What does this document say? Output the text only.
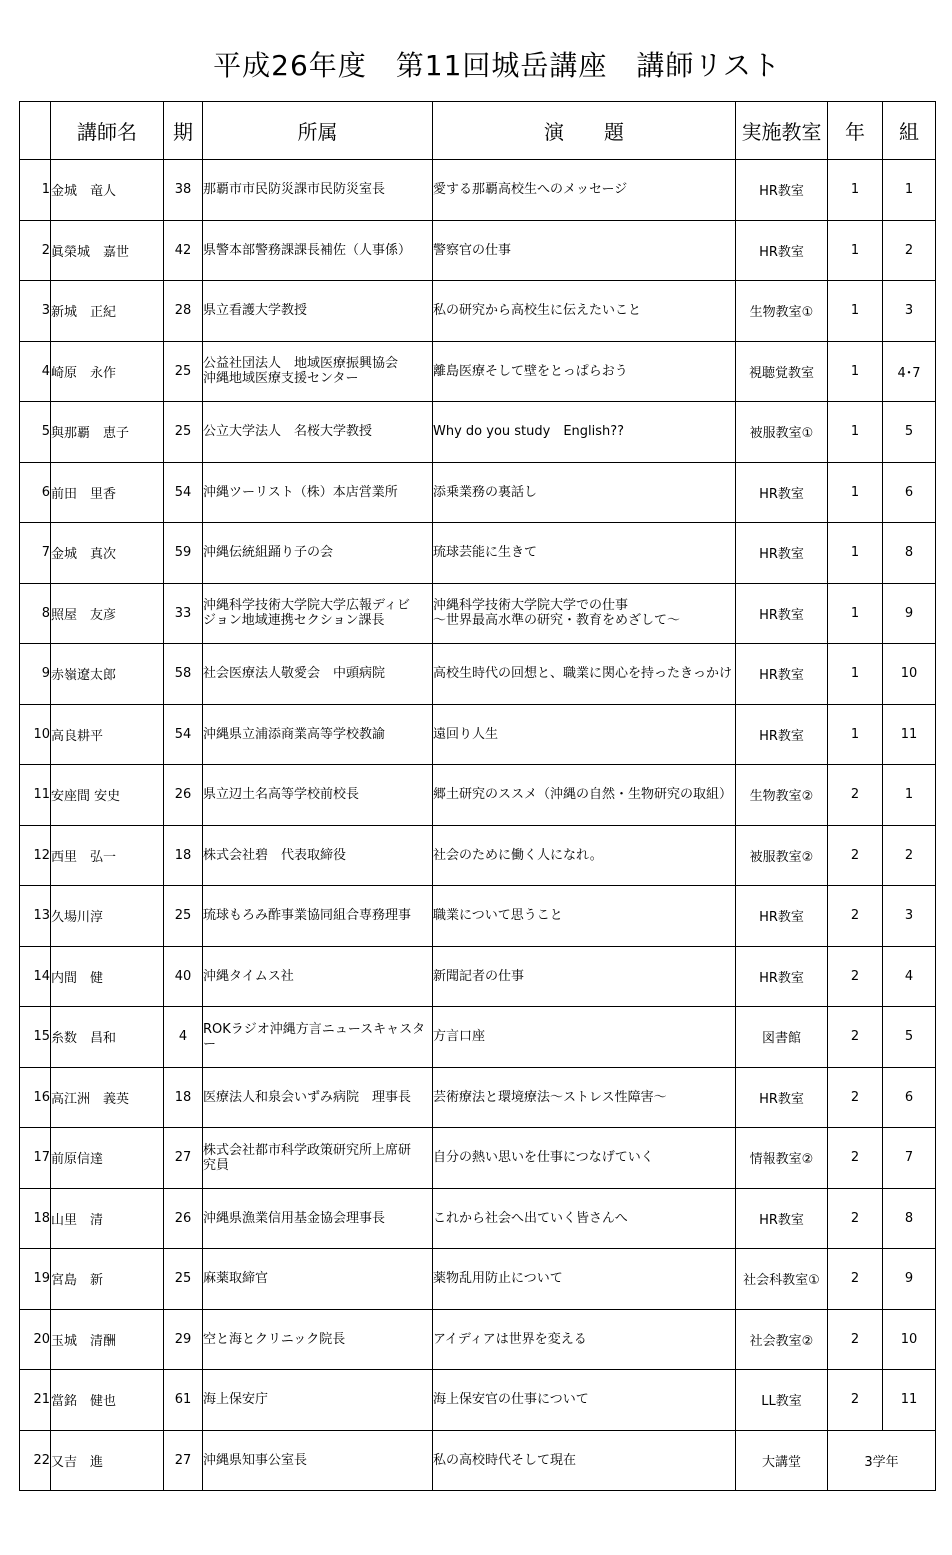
平成26年度　第11回城岳講座　講師リスト
	講師名	期	所属	演　　題	実施教室	年	組
1	金城　竜人	38	那覇市市民防災課市民防災室長	愛する那覇高校生へのメッセージ	HR教室	1	1
2	眞榮城　嘉世	42	県警本部警務課課長補佐（人事係）	警察官の仕事	HR教室	1	2
3	新城　正紀	28	県立看護大学教授	私の研究から高校生に伝えたいこと	生物教室①	1	3
4	崎原　永作	25	公益社団法人　地域医療振興協会
沖縄地域医療支援センター	離島医療そして壁をとっぱらおう	視聴覚教室	1	4･7
5	與那覇　恵子	25	公立大学法人　名桜大学教授	Why do you study　English??	被服教室①	1	5
6	前田　里香	54	沖縄ツーリスト（株）本店営業所	添乗業務の裏話し	HR教室	1	6
7	金城　真次	59	沖縄伝統組踊り子の会	琉球芸能に生きて	HR教室	1	8
8	照屋　友彦	33	沖縄科学技術大学院大学広報ディビ
ジョン地域連携セクション課長	沖縄科学技術大学院大学での仕事
～世界最高水準の研究・教育をめざして～	HR教室	1	9
9	赤嶺遼太郎	58	社会医療法人敬愛会　中頭病院	高校生時代の回想と、職業に関心を持ったきっかけ	HR教室	1	10
10	高良耕平	54	沖縄県立浦添商業高等学校教諭	遠回り人生	HR教室	1	11
11	安座間 安史	26	県立辺土名高等学校前校長	郷土研究のススメ（沖縄の自然・生物研究の取組）	生物教室②	2	1
12	西里　弘一	18	株式会社碧　代表取締役	社会のために働く人になれ。	被服教室②	2	2
13	久場川淳	25	琉球もろみ酢事業協同組合専務理事	職業について思うこと	HR教室	2	3
14	内間　健	40	沖縄タイムス社	新聞記者の仕事	HR教室	2	4
15	糸数　昌和	4	ROKラジオ沖縄方言ニュースキャスター	方言口座	図書館	2	5
16	高江洲　義英	18	医療法人和泉会いずみ病院　理事長	芸術療法と環境療法～ストレス性障害～	HR教室	2	6
17	前原信達	27	株式会社都市科学政策研究所上席研
究員	自分の熱い思いを仕事につなげていく	情報教室②	2	7
18	山里　清	26	沖縄県漁業信用基金協会理事長	これから社会へ出ていく皆さんへ	HR教室	2	8
19	宮島　新	25	麻薬取締官	薬物乱用防止について	社会科教室①	2	9
20	玉城　清酬	29	空と海とクリニック院長	アイディアは世界を変える	社会教室②	2	10
21	當銘　健也	61	海上保安庁	海上保安官の仕事について	LL教室	2	11
22	又吉　進	27	沖縄県知事公室長	私の高校時代そして現在	大講堂	3学年	
